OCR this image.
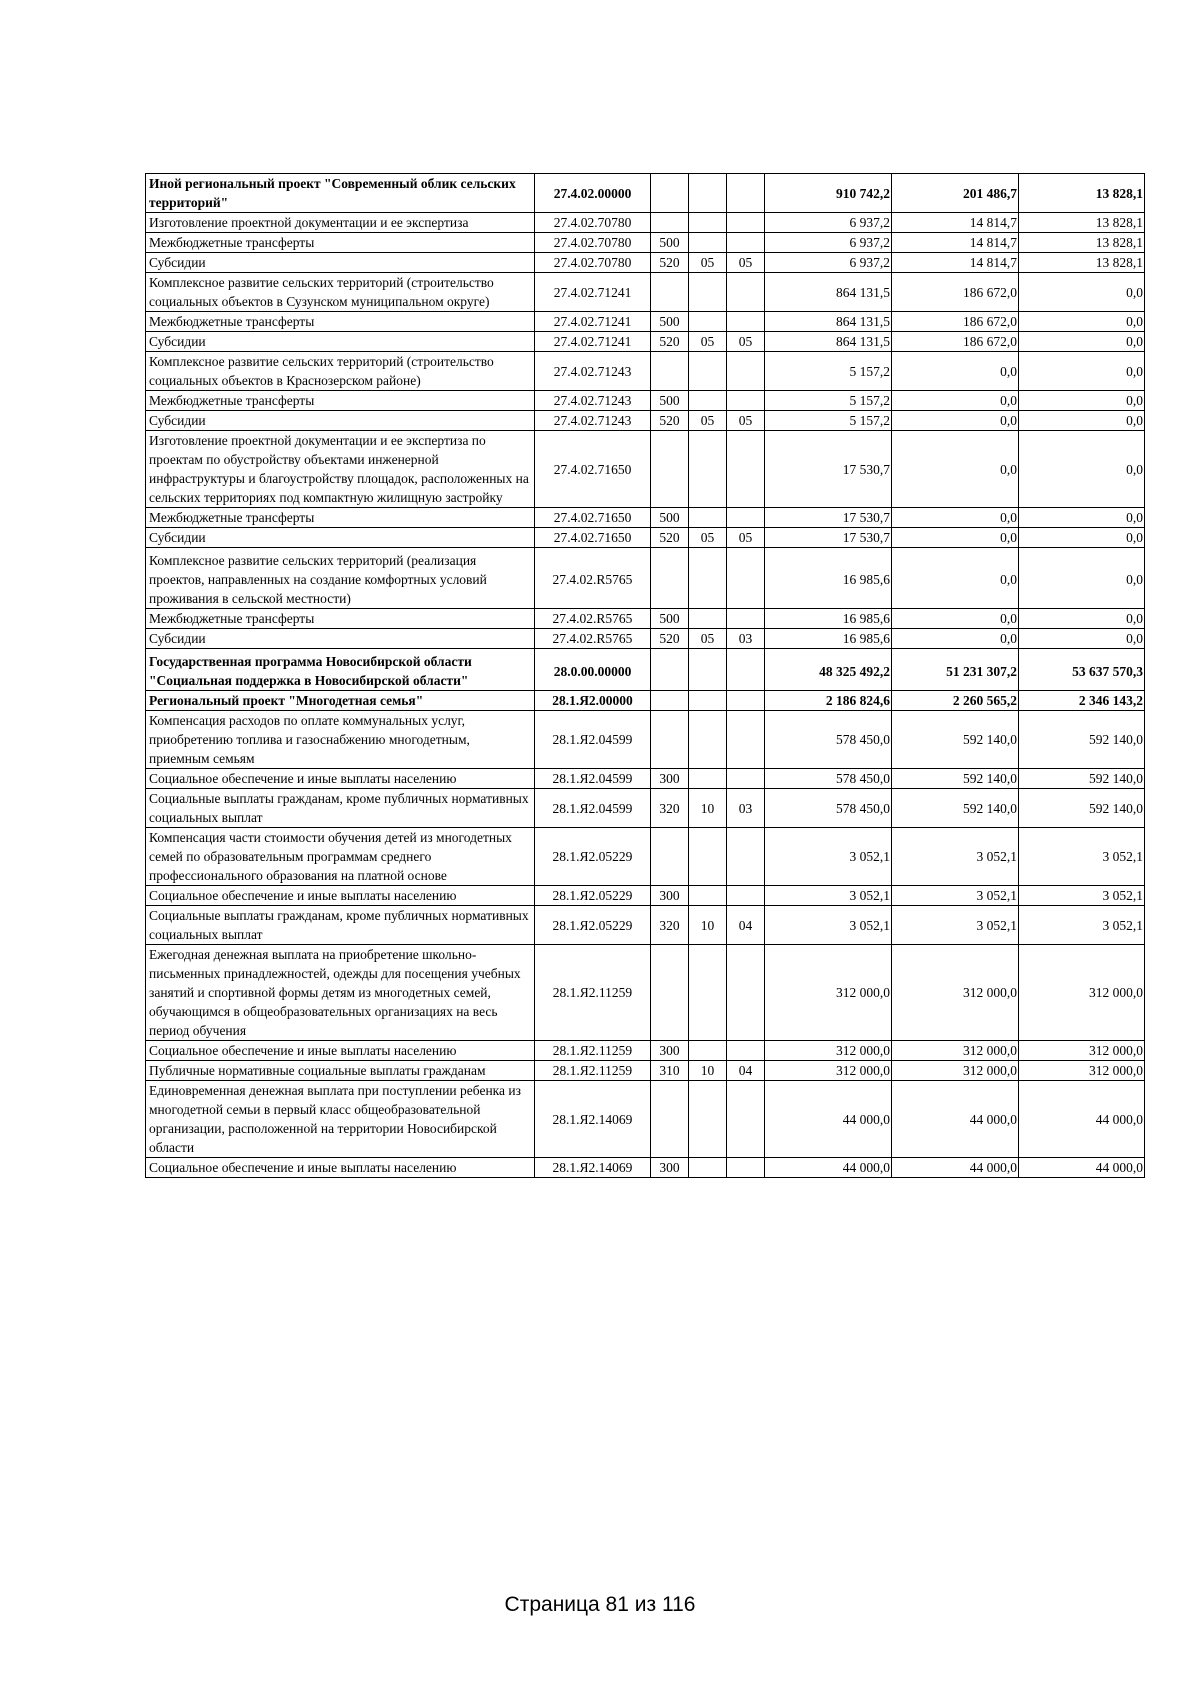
Иной региональный проект "Современный облик сельских территорий"	27.4.02.00000				910 742,2	201 486,7	13 828,1
Изготовление проектной документации и ее экспертиза	27.4.02.70780				6 937,2	14 814,7	13 828,1
Межбюджетные трансферты	27.4.02.70780	500			6 937,2	14 814,7	13 828,1
Субсидии	27.4.02.70780	520	05	05	6 937,2	14 814,7	13 828,1
Комплексное развитие сельских территорий (строительство социальных объектов в Сузунском муниципальном округе)	27.4.02.71241				864 131,5	186 672,0	0,0
Межбюджетные трансферты	27.4.02.71241	500			864 131,5	186 672,0	0,0
Субсидии	27.4.02.71241	520	05	05	864 131,5	186 672,0	0,0
Комплексное развитие сельских территорий (строительство социальных объектов в Краснозерском районе)	27.4.02.71243				5 157,2	0,0	0,0
Межбюджетные трансферты	27.4.02.71243	500			5 157,2	0,0	0,0
Субсидии	27.4.02.71243	520	05	05	5 157,2	0,0	0,0
Изготовление проектной документации и ее экспертиза по проектам по обустройству объектами инженерной инфраструктуры и благоустройству площадок, расположенных на сельских территориях под компактную жилищную застройку	27.4.02.71650				17 530,7	0,0	0,0
Межбюджетные трансферты	27.4.02.71650	500			17 530,7	0,0	0,0
Субсидии	27.4.02.71650	520	05	05	17 530,7	0,0	0,0
Комплексное развитие сельских территорий (реализация проектов, направленных на создание комфортных условий проживания в сельской местности)	27.4.02.R5765				16 985,6	0,0	0,0
Межбюджетные трансферты	27.4.02.R5765	500			16 985,6	0,0	0,0
Субсидии	27.4.02.R5765	520	05	03	16 985,6	0,0	0,0
Государственная программа Новосибирской области "Социальная поддержка в Новосибирской области"	28.0.00.00000				48 325 492,2	51 231 307,2	53 637 570,3
Региональный проект "Многодетная семья"	28.1.Я2.00000				2 186 824,6	2 260 565,2	2 346 143,2
Компенсация расходов по оплате коммунальных услуг, приобретению топлива и газоснабжению многодетным, приемным семьям	28.1.Я2.04599				578 450,0	592 140,0	592 140,0
Социальное обеспечение и иные выплаты населению	28.1.Я2.04599	300			578 450,0	592 140,0	592 140,0
Социальные выплаты гражданам, кроме публичных нормативных социальных выплат	28.1.Я2.04599	320	10	03	578 450,0	592 140,0	592 140,0
Компенсация части стоимости обучения детей из многодетных семей по образовательным программам среднего профессионального образования на платной основе	28.1.Я2.05229				3 052,1	3 052,1	3 052,1
Социальное обеспечение и иные выплаты населению	28.1.Я2.05229	300			3 052,1	3 052,1	3 052,1
Социальные выплаты гражданам, кроме публичных нормативных социальных выплат	28.1.Я2.05229	320	10	04	3 052,1	3 052,1	3 052,1
Ежегодная денежная выплата на приобретение школьно-письменных принадлежностей, одежды для посещения учебных занятий и спортивной формы детям из многодетных семей, обучающимся в общеобразовательных организациях на весь период обучения	28.1.Я2.11259				312 000,0	312 000,0	312 000,0
Социальное обеспечение и иные выплаты населению	28.1.Я2.11259	300			312 000,0	312 000,0	312 000,0
Публичные нормативные социальные выплаты гражданам	28.1.Я2.11259	310	10	04	312 000,0	312 000,0	312 000,0
Единовременная денежная выплата при поступлении ребенка из многодетной семьи в первый класс общеобразовательной организации, расположенной на территории Новосибирской области	28.1.Я2.14069				44 000,0	44 000,0	44 000,0
Социальное обеспечение и иные выплаты населению	28.1.Я2.14069	300			44 000,0	44 000,0	44 000,0
Страница 81 из 116
